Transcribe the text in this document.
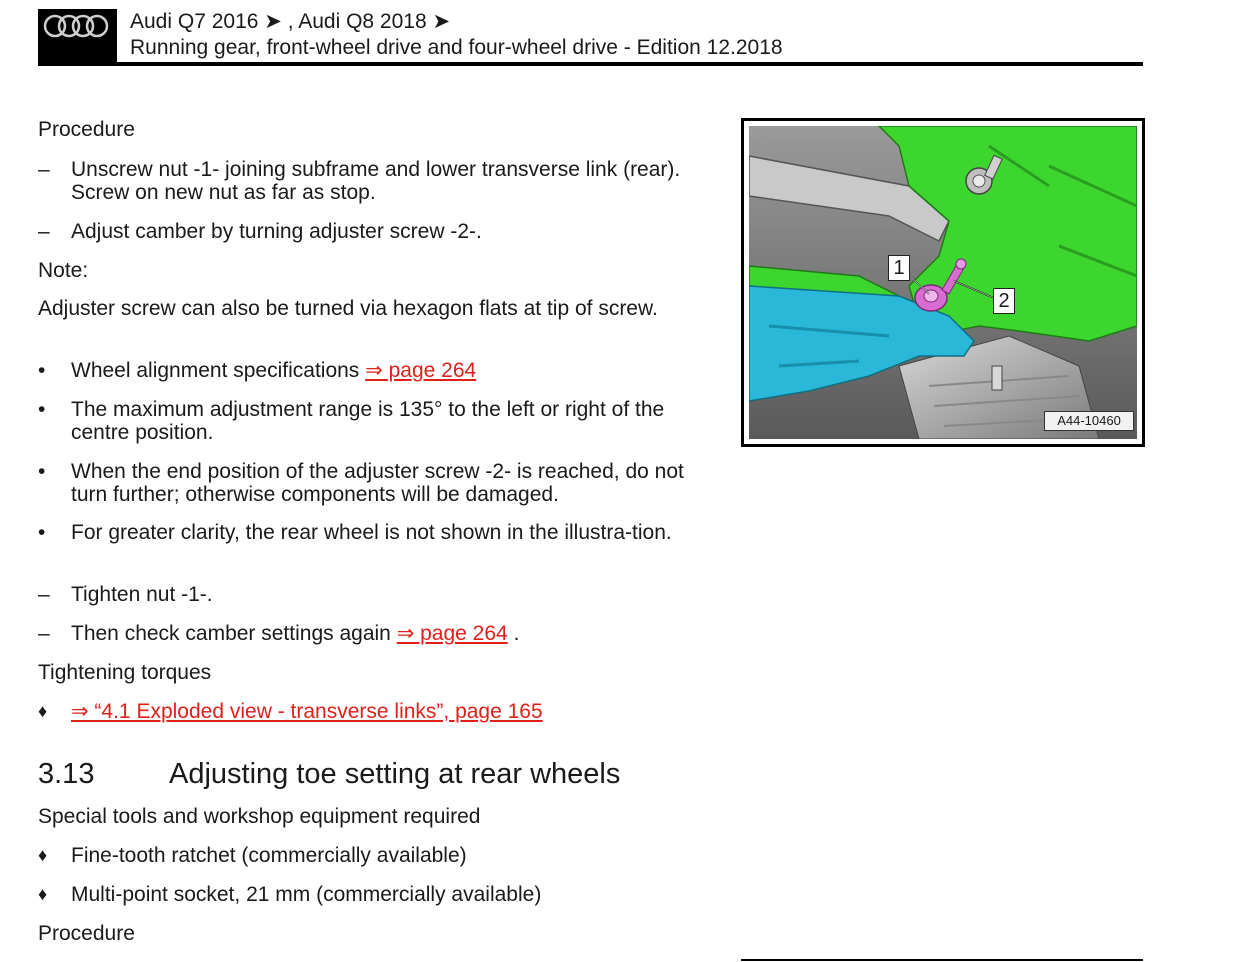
Audi Q7 2016 ➤ , Audi Q8 2018 ➤
Running gear, front-wheel drive and four-wheel drive - Edition 12.2018
Procedure
–	Unscrew nut -1- joining subframe and lower transverse link (rear). Screw on new nut as far as stop.
–	Adjust camber by turning adjuster screw -2-.
Note:
Adjuster screw can also be turned via hexagon flats at tip of screw.
•	Wheel alignment specifications ⇒ page 264
•	The maximum adjustment range is 135° to the left or right of the centre position.
•	When the end position of the adjuster screw -2- is reached, do not turn further; otherwise components will be damaged.
•	For greater clarity, the rear wheel is not shown in the illustra-tion.
–	Tighten nut -1-.
–	Then check camber settings again ⇒ page 264 .
Tightening torques
♦	⇒ “4.1 Exploded view - transverse links”, page 165
3.13	Adjusting toe setting at rear wheels
Special tools and workshop equipment required
♦	Fine-tooth ratchet (commercially available)
♦	Multi-point socket, 21 mm (commercially available)
Procedure
1
2
A44-10460
